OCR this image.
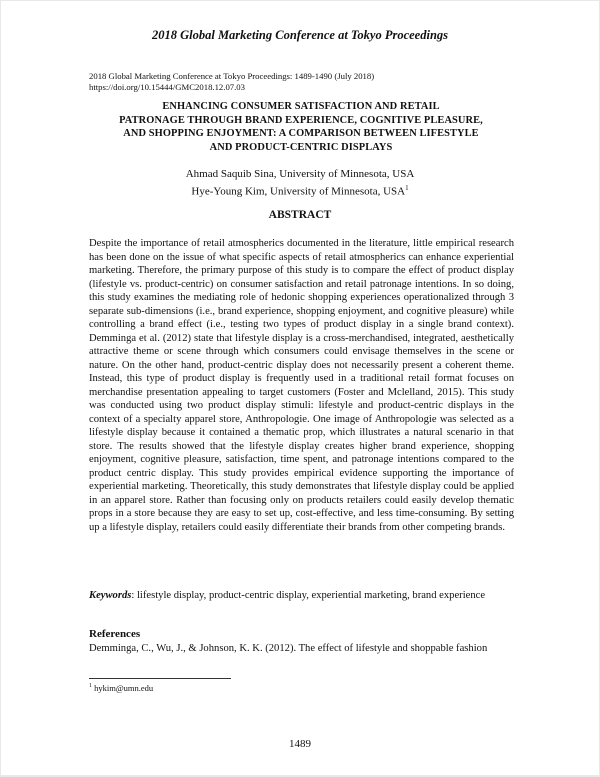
2018 Global Marketing Conference at Tokyo Proceedings
2018 Global Marketing Conference at Tokyo Proceedings: 1489-1490 (July 2018)
https://doi.org/10.15444/GMC2018.12.07.03
ENHANCING CONSUMER SATISFACTION AND RETAIL
PATRONAGE THROUGH BRAND EXPERIENCE, COGNITIVE PLEASURE,
AND SHOPPING ENJOYMENT: A COMPARISON BETWEEN LIFESTYLE
AND PRODUCT-CENTRIC DISPLAYS
Ahmad Saquib Sina, University of Minnesota, USA
Hye-Young Kim, University of Minnesota, USA$^1$
ABSTRACT
Despite the importance of retail atmospherics documented in the literature, little empirical research has been done on the issue of what specific aspects of retail atmospherics can enhance experiential marketing. Therefore, the primary purpose of this study is to compare the effect of product display (lifestyle vs. product-centric) on consumer satisfaction and retail patronage intentions. In so doing, this study examines the mediating role of hedonic shopping experiences operationalized through 3 separate sub-dimensions (i.e., brand experience, shopping enjoyment, and cognitive pleasure) while controlling a brand effect (i.e., testing two types of product display in a single brand context). Demminga et al. (2012) state that lifestyle display is a cross-merchandised, integrated, aesthetically attractive theme or scene through which consumers could envisage themselves in the scene or nature. On the other hand, product-centric display does not necessarily present a coherent theme. Instead, this type of product display is frequently used in a traditional retail format focuses on merchandise presentation appealing to target customers (Foster and Mclelland, 2015). This study was conducted using two product display stimuli: lifestyle and product-centric displays in the context of a specialty apparel store, Anthropologie. One image of Anthropologie was selected as a lifestyle display because it contained a thematic prop, which illustrates a natural scenario in that store. The results showed that the lifestyle display creates higher brand experience, shopping enjoyment, cognitive pleasure, satisfaction, time spent, and patronage intentions compared to the product centric display. This study provides empirical evidence supporting the importance of experiential marketing. Theoretically, this study demonstrates that lifestyle display could be applied in an apparel store. Rather than focusing only on products retailers could easily develop thematic props in a store because they are easy to set up, cost-effective, and less time-consuming. By setting up a lifestyle display, retailers could easily differentiate their brands from other competing brands.
Keywords: lifestyle display, product-centric display, experiential marketing, brand experience
References
Demminga, C., Wu, J., & Johnson, K. K. (2012). The effect of lifestyle and shoppable fashion
$^1$ hykim@umn.edu
1489
